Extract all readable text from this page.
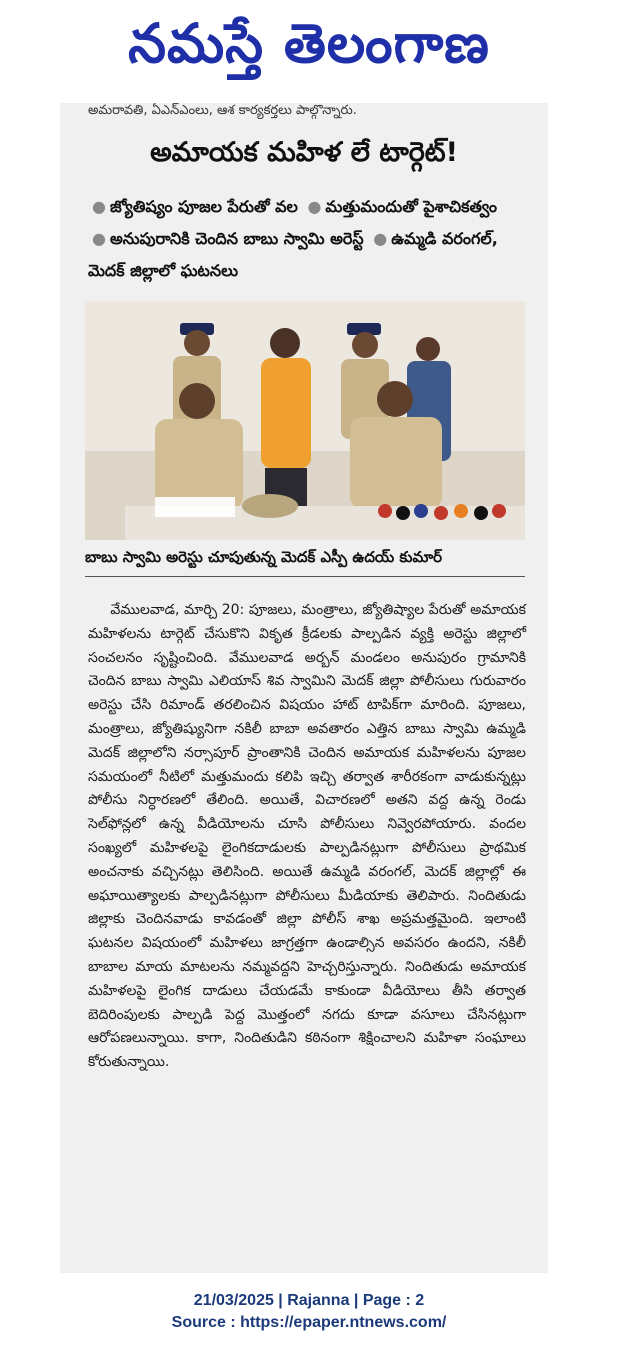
నమస్తే తెలంగాణ
అమరావతి, ఏఎన్ఎంలు, ఆశ కార్యకర్తలు పాల్గొన్నారు.
అమాయక మహిళ లే టార్గెట్!
● జ్యోతిష్యం పూజల పేరుతో వల ● మత్తుమందుతో పైశాచికత్వం ● అనుపురానికి చెందిన బాబు స్వామి అరెస్ట్ ● ఉమ్మడి వరంగల్, మెదక్ జిల్లాలో ఘటనలు
బాబు స్వామి అరెస్టు చూపుతున్న మెదక్ ఎస్పీ ఉదయ్ కుమార్
వేములవాడ, మార్చి 20: పూజలు, మంత్రాలు, జ్యోతిష్యాల పేరుతో అమాయక మహిళలను టార్గెట్ చేసుకొని వికృత క్రీడలకు పాల్పడిన వ్యక్తి అరెస్టు జిల్లాలో సంచలనం సృష్టించింది. వేములవాడ అర్బన్ మండలం అనుపురం గ్రామానికి చెందిన బాబు స్వామి ఎలియాస్ శివ స్వామిని మెదక్ జిల్లా పోలీసులు గురువారం అరెస్టు చేసి రిమాండ్ తరలించిన విషయం హాట్ టాపిక్‌గా మారింది. పూజలు, మంత్రాలు, జ్యోతిష్యునిగా నకిలీ బాబా అవతారం ఎత్తిన బాబు స్వామి ఉమ్మడి మెదక్ జిల్లాలోని నర్సాపూర్ ప్రాంతానికి చెందిన అమాయక మహిళలను పూజల సమయంలో నీటిలో మత్తుమందు కలిపి ఇచ్చి తర్వాత శారీరకంగా వాడుకున్నట్లు పోలీసు నిర్ధారణలో తేలింది. అయితే, విచారణలో అతని వద్ద ఉన్న రెండు సెల్‌ఫోన్లలో ఉన్న వీడియోలను చూసి పోలీసులు నివ్వెరపోయారు. వందల సంఖ్యలో మహిళలపై లైంగికదాడులకు పాల్పడినట్లుగా పోలీసులు ప్రాథమిక అంచనాకు వచ్చినట్లు తెలిసింది. అయితే ఉమ్మడి వరంగల్, మెదక్ జిల్లాల్లో ఈ అఘాయిత్యాలకు పాల్పడినట్లుగా పోలీసులు మీడియాకు తెలిపారు. నిందితుడు జిల్లాకు చెందినవాడు కావడంతో జిల్లా పోలీస్ శాఖ అప్రమత్తమైంది. ఇలాంటి ఘటనల విషయంలో మహిళలు జాగ్రత్తగా ఉండాల్సిన అవసరం ఉందని, నకిలీ బాబాల మాయ మాటలను నమ్మవద్దని హెచ్చరిస్తున్నారు. నిందితుడు అమాయక మహిళలపై లైంగిక దాడులు చేయడమే కాకుండా వీడియోలు తీసి తర్వాత బెదిరింపులకు పాల్పడి పెద్ద మొత్తంలో నగదు కూడా వసూలు చేసినట్లుగా ఆరోపణలున్నాయి. కాగా, నిందితుడిని కఠినంగా శిక్షించాలని మహిళా సంఘాలు కోరుతున్నాయి.
21/03/2025 | Rajanna | Page : 2
Source : https://epaper.ntnews.com/
